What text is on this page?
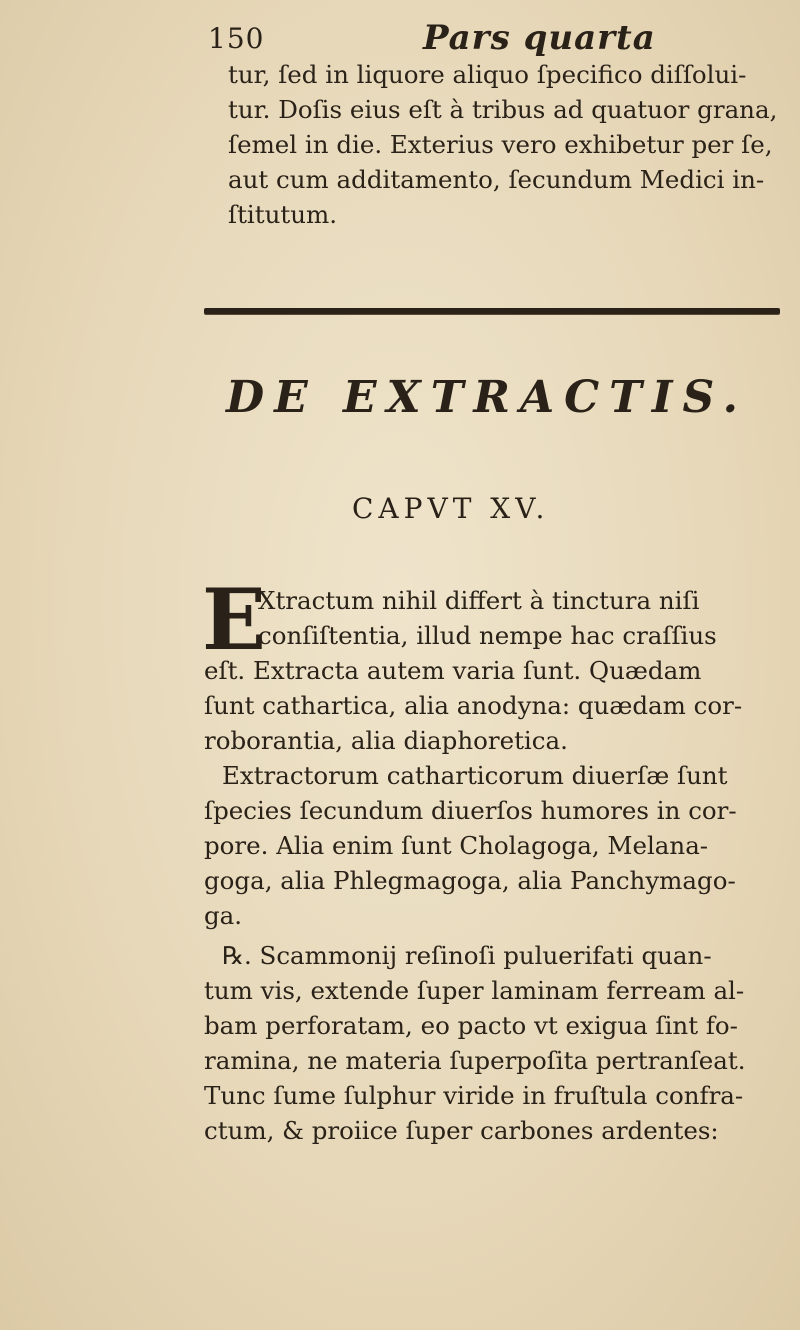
150	Pars quarta
tur, ſed in liquore aliquo ſpecifico diſſolui-
tur. Doſis eius eſt à tribus ad quatuor grana,
ſemel in die. Exterius vero exhibetur per ſe,
aut cum additamento, ſecundum Medici in-
ſtitutum.
DE EXTRACTIS.
CAPVT XV.
E
Xtractum nihil differt à tinctura niſi
conſiſtentia, illud nempe hac craſſius
eſt. Extracta autem varia ſunt. Quædam
ſunt cathartica, alia anodyna: quædam cor-
roborantia, alia diaphoretica.
Extractorum catharticorum diuerſæ ſunt
ſpecies ſecundum diuerſos humores in cor-
pore. Alia enim ſunt Cholagoga, Melana-
goga, alia Phlegmagoga, alia Panchymago-
ga.
℞. Scammonij reſinoſi puluerifati quan-
tum vis, extende ſuper laminam ferream al-
bam perforatam, eo pacto vt exigua ſint fo-
ramina, ne materia ſuperpoſita pertranſeat.
Tunc ſume ſulphur viride in fruſtula confra-
ctum, & proiice ſuper carbones ardentes:
